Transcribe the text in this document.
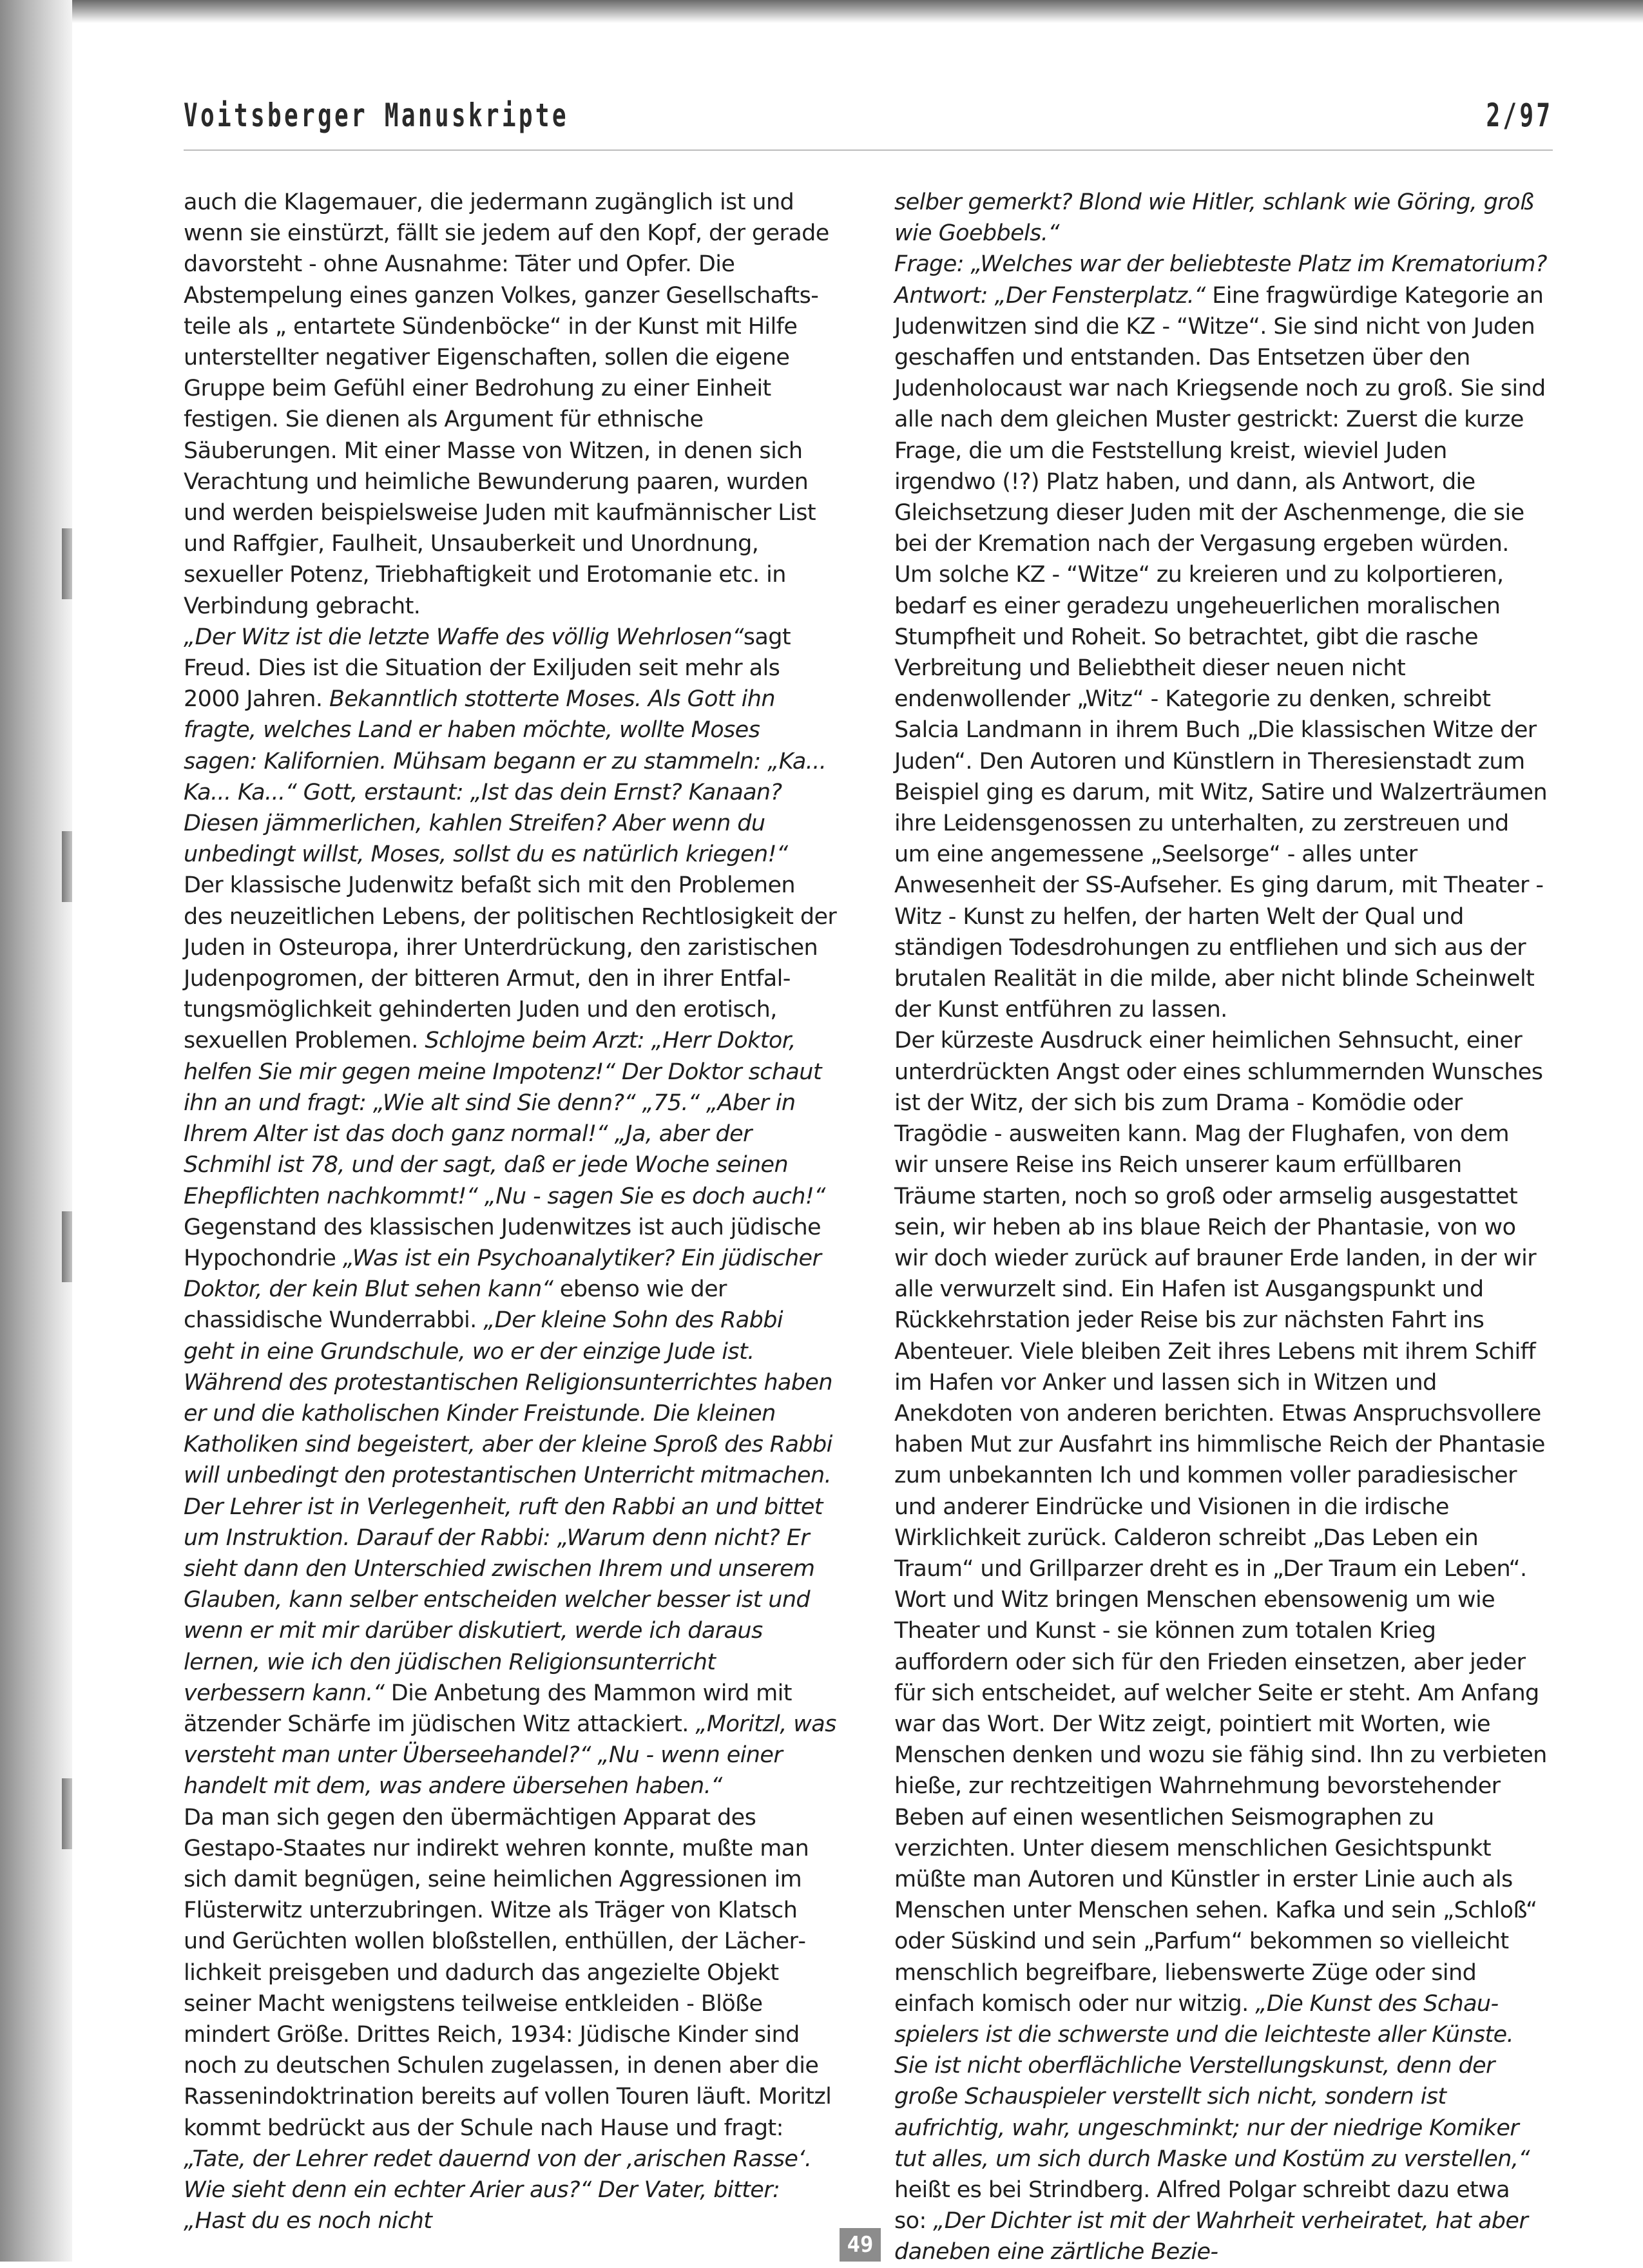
Voitsberger Manuskripte	2/97

auch die Klagemauer, die jedermann zugänglich ist und wenn sie einstürzt, fällt sie jedem auf den Kopf, der gerade davorsteht - ohne Ausnahme: Täter und Opfer. Die Abstempelung eines ganzen Volkes, ganzer Gesellschaftsteile als „ entartete Sündenböcke“ in der Kunst mit Hilfe unterstellter negativer Eigenschaften, sollen die eigene Gruppe beim Gefühl einer Bedrohung zu einer Einheit festigen. Sie dienen als Argument für ethnische Säuberungen. Mit einer Masse von Witzen, in denen sich Verachtung und heimliche Bewunderung paaren, wurden und werden beispielsweise Juden mit kaufmännischer List und Raffgier, Faulheit, Unsauberkeit und Unordnung, sexueller Potenz, Triebhaftigkeit und Erotomanie etc. in Verbindung gebracht.

„Der Witz ist die letzte Waffe des völlig Wehrlosen“sagt Freud. Dies ist die Situation der Exiljuden seit mehr als 2000 Jahren. Bekanntlich stotterte Moses. Als Gott ihn fragte, welches Land er haben möchte, wollte Moses sagen: Kalifornien. Mühsam begann er zu stammeln: „Ka... Ka... Ka...“ Gott, erstaunt: „Ist das dein Ernst? Kanaan? Diesen jämmerlichen, kahlen Streifen? Aber wenn du unbedingt willst, Moses, sollst du es natürlich kriegen!“

Der klassische Judenwitz befaßt sich mit den Problemen des neuzeitlichen Lebens, der politischen Rechtlosigkeit der Juden in Osteuropa, ihrer Unterdrückung, den zaristischen Judenpogromen, der bitteren Armut, den in ihrer Entfaltungsmöglichkeit gehinderten Juden und den erotisch, sexuellen Problemen. Schlojme beim Arzt: „Herr Doktor, helfen Sie mir gegen meine Impotenz!“ Der Doktor schaut ihn an und fragt: „Wie alt sind Sie denn?“ „75.“ „Aber in Ihrem Alter ist das doch ganz normal!“ „Ja, aber der Schmihl ist 78, und der sagt, daß er jede Woche seinen Ehepflichten nachkommt!“ „Nu - sagen Sie es doch auch!“ Gegenstand des klassischen Judenwitzes ist auch jüdische Hypochondrie „Was ist ein Psychoanalytiker? Ein jüdischer Doktor, der kein Blut sehen kann“ ebenso wie der chassidische Wunderrabbi. „Der kleine Sohn des Rabbi geht in eine Grundschule, wo er der einzige Jude ist. Während des protestantischen Religionsunterrichtes haben er und die katholischen Kinder Freistunde. Die kleinen Katholiken sind begeistert, aber der kleine Sproß des Rabbi will unbedingt den protestantischen Unterricht mitmachen. Der Lehrer ist in Verlegenheit, ruft den Rabbi an und bittet um Instruktion. Darauf der Rabbi: „Warum denn nicht? Er sieht dann den Unterschied zwischen Ihrem und unserem Glauben, kann selber entscheiden welcher besser ist und wenn er mit mir darüber diskutiert, werde ich daraus lernen, wie ich den jüdischen Religionsunterricht verbessern kann.“ Die Anbetung des Mammon wird mit ätzender Schärfe im jüdischen Witz attackiert. „Moritzl, was versteht man unter Überseehandel?“ „Nu - wenn einer handelt mit dem, was andere übersehen haben.“

Da man sich gegen den übermächtigen Apparat des Gestapo-Staates nur indirekt wehren konnte, mußte man sich damit begnügen, seine heimlichen Aggressionen im Flüsterwitz unterzubringen. Witze als Träger von Klatsch und Gerüchten wollen bloßstellen, enthüllen, der Lächerlichkeit preisgeben und dadurch das angezielte Objekt seiner Macht wenigstens teilweise entkleiden - Blöße mindert Größe. Drittes Reich, 1934: Jüdische Kinder sind noch zu deutschen Schulen zugelassen, in denen aber die Rassenindoktrination bereits auf vollen Touren läuft. Moritzl kommt bedrückt aus der Schule nach Hause und fragt: „Tate, der Lehrer redet dauernd von der ‚arischen Rasse‘. Wie sieht denn ein echter Arier aus?“ Der Vater, bitter: „Hast du es noch nicht

selber gemerkt? Blond wie Hitler, schlank wie Göring, groß wie Goebbels.“

Frage: „Welches war der beliebteste Platz im Krematorium? Antwort: „Der Fensterplatz.“ Eine fragwürdige Kategorie an Judenwitzen sind die KZ - “Witze“. Sie sind nicht von Juden geschaffen und entstanden. Das Entsetzen über den Judenholocaust war nach Kriegsende noch zu groß. Sie sind alle nach dem gleichen Muster gestrickt: Zuerst die kurze Frage, die um die Feststellung kreist, wieviel Juden irgendwo (!?) Platz haben, und dann, als Antwort, die Gleichsetzung dieser Juden mit der Aschenmenge, die sie bei der Kremation nach der Vergasung ergeben würden. Um solche KZ - “Witze“ zu kreieren und zu kolportieren, bedarf es einer geradezu ungeheuerlichen moralischen Stumpfheit und Roheit. So betrachtet, gibt die rasche Verbreitung und Beliebtheit dieser neuen nicht endenwollender „Witz“ - Kategorie zu denken, schreibt Salcia Landmann in ihrem Buch „Die klassischen Witze der Juden“. Den Autoren und Künstlern in Theresienstadt zum Beispiel ging es darum, mit Witz, Satire und Walzerträumen ihre Leidensgenossen zu unterhalten, zu zerstreuen und um eine angemessene „Seelsorge“ - alles unter Anwesenheit der SS-Aufseher. Es ging darum, mit Theater - Witz - Kunst zu helfen, der harten Welt der Qual und ständigen Todesdrohungen zu entfliehen und sich aus der brutalen Realität in die milde, aber nicht blinde Scheinwelt der Kunst entführen zu lassen.

Der kürzeste Ausdruck einer heimlichen Sehnsucht, einer unterdrückten Angst oder eines schlummernden Wunsches ist der Witz, der sich bis zum Drama - Komödie oder Tragödie - ausweiten kann. Mag der Flughafen, von dem wir unsere Reise ins Reich unserer kaum erfüllbaren Träume starten, noch so groß oder armselig ausgestattet sein, wir heben ab ins blaue Reich der Phantasie, von wo wir doch wieder zurück auf brauner Erde landen, in der wir alle verwurzelt sind. Ein Hafen ist Ausgangspunkt und Rückkehrstation jeder Reise bis zur nächsten Fahrt ins Abenteuer. Viele bleiben Zeit ihres Lebens mit ihrem Schiff im Hafen vor Anker und lassen sich in Witzen und Anekdoten von anderen berichten. Etwas Anspruchsvollere haben Mut zur Ausfahrt ins himmlische Reich der Phantasie zum unbekannten Ich und kommen voller paradiesischer und anderer Eindrücke und Visionen in die irdische Wirklichkeit zurück. Calderon schreibt „Das Leben ein Traum“ und Grillparzer dreht es in „Der Traum ein Leben“. Wort und Witz bringen Menschen ebensowenig um wie Theater und Kunst - sie können zum totalen Krieg auffordern oder sich für den Frieden einsetzen, aber jeder für sich entscheidet, auf welcher Seite er steht. Am Anfang war das Wort. Der Witz zeigt, pointiert mit Worten, wie Menschen denken und wozu sie fähig sind. Ihn zu verbieten hieße, zur rechtzeitigen Wahrnehmung bevorstehender Beben auf einen wesentlichen Seismographen zu verzichten. Unter diesem menschlichen Gesichtspunkt müßte man Autoren und Künstler in erster Linie auch als Menschen unter Menschen sehen. Kafka und sein „Schloß“ oder Süskind und sein „Parfum“ bekommen so vielleicht menschlich begreifbare, liebenswerte Züge oder sind einfach komisch oder nur witzig. „Die Kunst des Schauspielers ist die schwerste und die leichteste aller Künste. Sie ist nicht oberflächliche Verstellungskunst, denn der große Schauspieler verstellt sich nicht, sondern ist aufrichtig, wahr, ungeschminkt; nur der niedrige Komiker tut alles, um sich durch Maske und Kostüm zu verstellen,“ heißt es bei Strindberg. Alfred Polgar schreibt dazu etwa so: „Der Dichter ist mit der Wahrheit verheiratet, hat aber daneben eine zärtliche Bezie-

49
